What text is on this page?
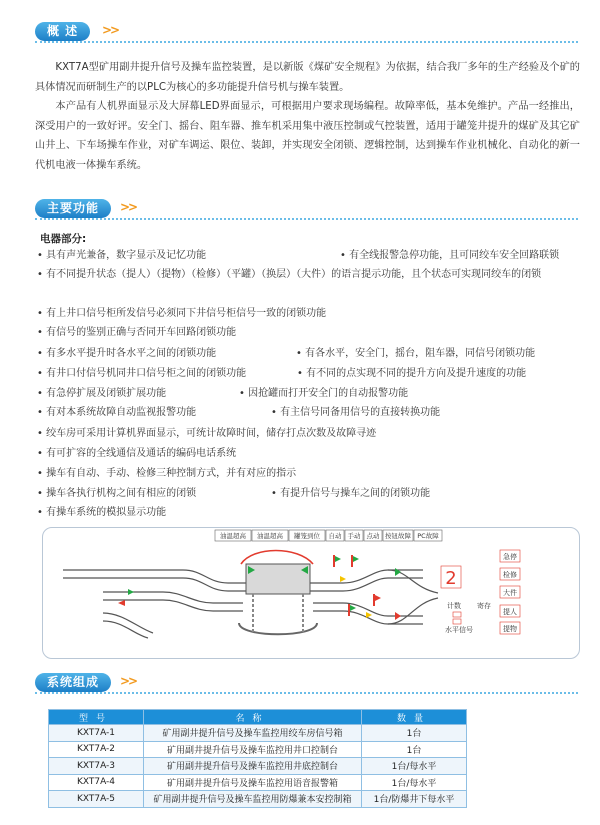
概 述	>>

KXT7A型矿用副井提升信号及操车监控装置，是以新版《煤矿安全规程》为依据，结合我厂多年的生产经验及个矿的具体情况而研制生产的以PLC为核心的多功能提升信号机与操车装置。

本产品有人机界面显示及大屏幕LED界面显示，可根据用户要求现场编程。故障率低，基本免维护。产品一经推出，深受用户的一致好评。安全门、摇台、阻车器、推车机采用集中液压控制或气控装置，适用于罐笼井提升的煤矿及其它矿山井上、下车场操车作业，对矿车调运、限位、装卸，并实现安全闭锁、逻辑控制，达到操车作业机械化、自动化的新一代机电液一体操车系统。

主要功能	>>
电器部分:
• 具有声光兼备，数字显示及记忆功能	• 有全线报警急停功能，且可同绞车安全回路联锁
• 有不同提升状态（提人）（提物）（检修）（平罐）（换层）（大件）的语言提示功能，且个状态可实现同绞车的闭锁
• 有上井口信号柜所发信号必须同下井信号柜信号一致的闭锁功能
• 有信号的鉴别正确与否同开车回路闭锁功能
• 有多水平提升时各水平之间的闭锁功能	• 有各水平，安全门，摇台，阻车器，同信号闭锁功能
• 有井口付信号机同井口信号柜之间的闭锁功能	• 有不同的点实现不同的提升方向及提升速度的功能
• 有急停扩展及闭锁扩展功能	• 因抢罐而打开安全门的自动报警功能
• 有对本系统故障自动监视报警功能	• 有主信号同备用信号的直接转换功能
• 绞车房可采用计算机界面显示，可统计故障时间，储存打点次数及故障寻迹
• 有可扩容的全线通信及通话的编码电话系统
• 操车有自动、手动、检修三种控制方式，并有对应的指示
• 操车各执行机构之间有相应的闭锁	• 有提升信号与操车之间的闭锁功能
• 有操车系统的模拟显示功能
油温超高 油温超高 罐笼到位 自动 手动 点动 按钮故障 PC故障
2
计数 寄存
水平信号
急停
检修
大件
提人
提物
系统组成	>>
型号	名称	数量
KXT7A-1	矿用副井提升信号及操车监控用绞车房信号箱	1台
KXT7A-2	矿用副井提升信号及操车监控用井口控制台	1台
KXT7A-3	矿用副井提升信号及操车监控用井底控制台	1台/每水平
KXT7A-4	矿用副井提升信号及操车监控用语音报警箱	1台/每水平
KXT7A-5	矿用副井提升信号及操车监控用防爆兼本安控制箱	1台/防爆井下每水平
